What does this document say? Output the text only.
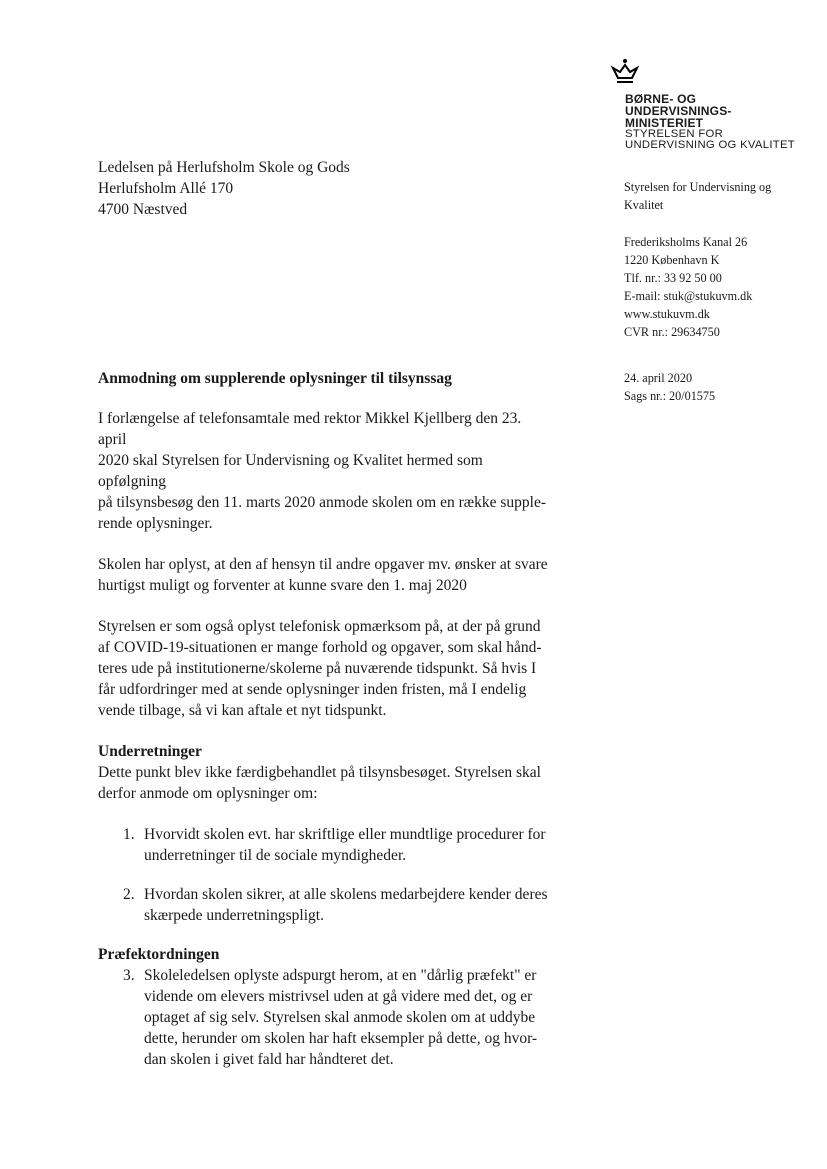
BØRNE- OG
UNDERVISNINGS-
MINISTERIET
STYRELSEN FOR
UNDERVISNING OG KVALITET
Ledelsen på Herlufsholm Skole og Gods
Herlufsholm Allé 170
4700 Næstved
Styrelsen for Undervisning og
Kvalitet
Frederiksholms Kanal 26
1220 København K
Tlf. nr.: 33 92 50 00
E-mail: stuk@stukuvm.dk
www.stukuvm.dk
CVR nr.: 29634750
24. april 2020
Sags nr.: 20/01575
Anmodning om supplerende oplysninger til tilsynssag

I forlængelse af telefonsamtale med rektor Mikkel Kjellberg den 23. april
2020 skal Styrelsen for Undervisning og Kvalitet hermed som opfølgning
på tilsynsbesøg den 11. marts 2020 anmode skolen om en række supple-
rende oplysninger.

Skolen har oplyst, at den af hensyn til andre opgaver mv. ønsker at svare
hurtigst muligt og forventer at kunne svare den 1. maj 2020

Styrelsen er som også oplyst telefonisk opmærksom på, at der på grund
af COVID-19-situationen er mange forhold og opgaver, som skal hånd-
teres ude på institutionerne/skolerne på nuværende tidspunkt. Så hvis I
får udfordringer med at sende oplysninger inden fristen, må I endelig
vende tilbage, så vi kan aftale et nyt tidspunkt.

Underretninger

Dette punkt blev ikke færdigbehandlet på tilsynsbesøget. Styrelsen skal
derfor anmode om oplysninger om:

1. Hvorvidt skolen evt. har skriftlige eller mundtlige procedurer for
underretninger til de sociale myndigheder.
2. Hvordan skolen sikrer, at alle skolens medarbejdere kender deres
skærpede underretningspligt.
Præfektordningen
3. Skoleledelsen oplyste adspurgt herom, at en "dårlig præfekt" er
vidende om elevers mistrivsel uden at gå videre med det, og er
optaget af sig selv. Styrelsen skal anmode skolen om at uddybe
dette, herunder om skolen har haft eksempler på dette, og hvor-
dan skolen i givet fald har håndteret det.
